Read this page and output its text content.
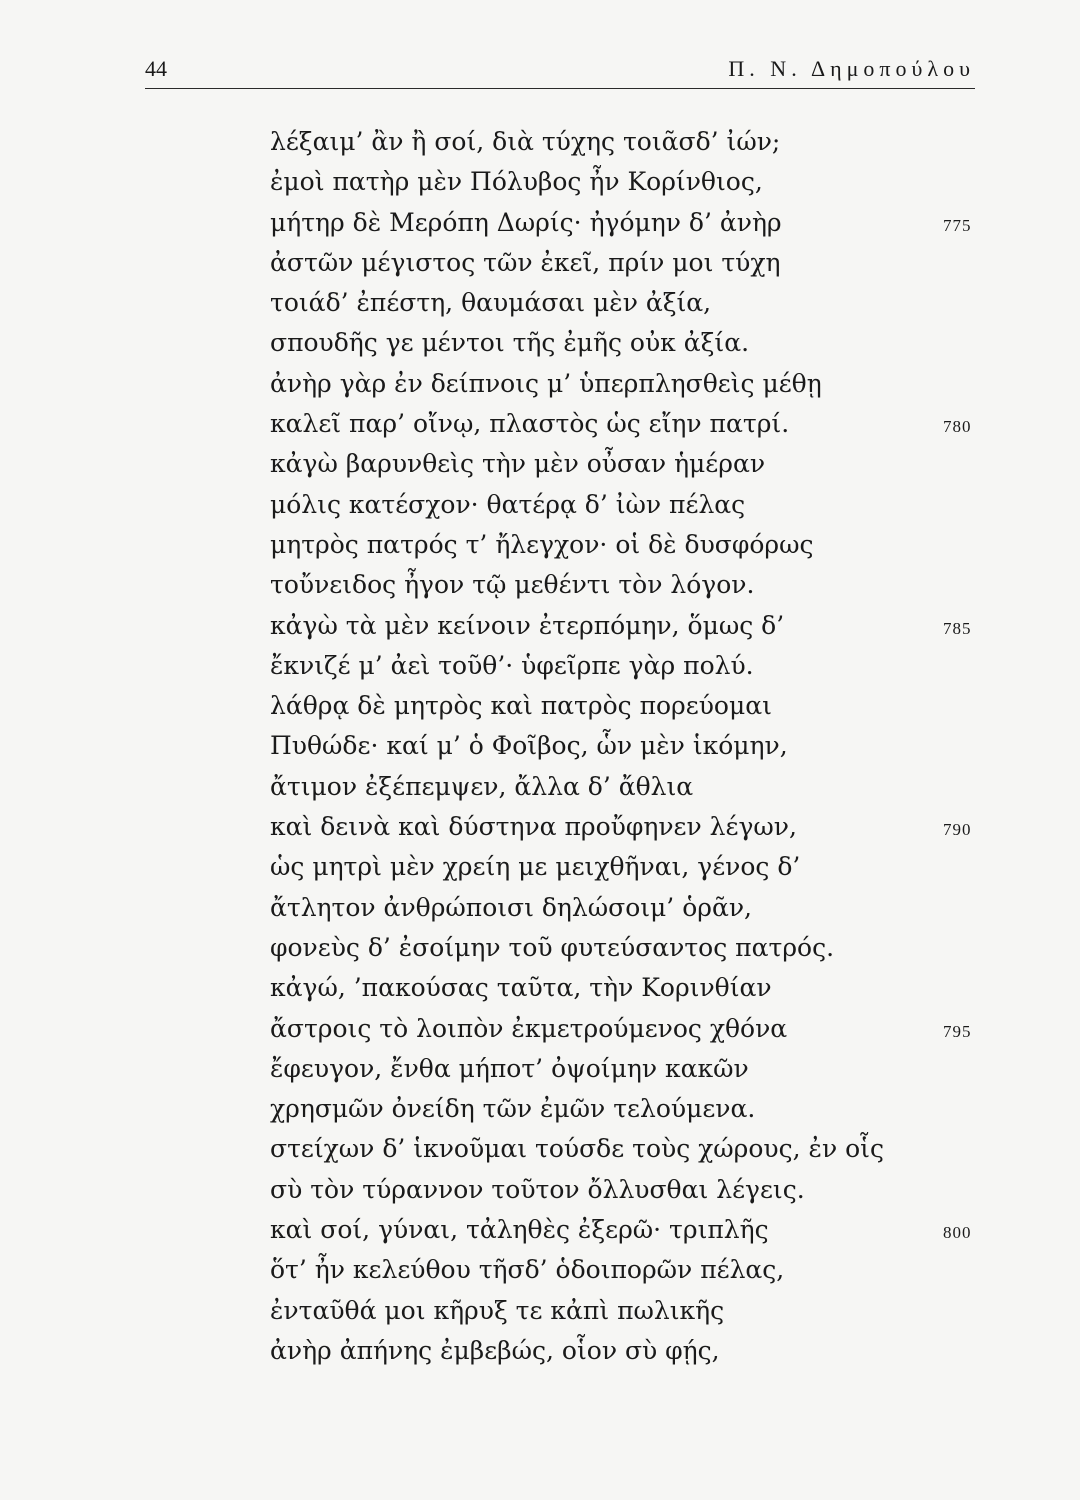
44	Π. Ν. Δημοπούλου
λέξαιμ’ ἂν ἢ σοί, διὰ τύχης τοιᾶσδ’ ἰών;
ἐμοὶ πατὴρ μὲν Πόλυβος ἦν Κορίνθιος,
μήτηρ δὲ Μερόπη Δωρίς· ἠγόμην δ’ ἀνὴρ	775
ἀστῶν μέγιστος τῶν ἐκεῖ, πρίν μοι τύχη
τοιάδ’ ἐπέστη, θαυμάσαι μὲν ἀξία,
σπουδῆς γε μέντοι τῆς ἐμῆς οὐκ ἀξία.
ἀνὴρ γὰρ ἐν δείπνοις μ’ ὑπερπλησθεὶς μέθῃ
καλεῖ παρ’ οἴνῳ, πλαστὸς ὡς εἴην πατρί.	780
κἀγὼ βαρυνθεὶς τὴν μὲν οὖσαν ἡμέραν
μόλις κατέσχον· θατέρᾳ δ’ ἰὼν πέλας
μητρὸς πατρός τ’ ἤλεγχον· οἱ δὲ δυσφόρως
τοὔνειδος ἦγον τῷ μεθέντι τὸν λόγον.
κἀγὼ τὰ μὲν κείνοιν ἐτερπόμην, ὅμως δ’	785
ἔκνιζέ μ’ ἀεὶ τοῦθ’· ὑφεῖρπε γὰρ πολύ.
λάθρᾳ δὲ μητρὸς καὶ πατρὸς πορεύομαι
Πυθώδε· καί μ’ ὁ Φοῖβος, ὧν μὲν ἱκόμην,
ἄτιμον ἐξέπεμψεν, ἄλλα δ’ ἄθλια
καὶ δεινὰ καὶ δύστηνα προὔφηνεν λέγων,	790
ὡς μητρὶ μὲν χρείη με μειχθῆναι, γένος δ’
ἄτλητον ἀνθρώποισι δηλώσοιμ’ ὁρᾶν,
φονεὺς δ’ ἐσοίμην τοῦ φυτεύσαντος πατρός.
κἀγώ, ’πακούσας ταῦτα, τὴν Κορινθίαν
ἄστροις τὸ λοιπὸν ἐκμετρούμενος χθόνα	795
ἔφευγον, ἔνθα μήποτ’ ὀψοίμην κακῶν
χρησμῶν ὀνείδη τῶν ἐμῶν τελούμενα.
στείχων δ’ ἱκνοῦμαι τούσδε τοὺς χώρους, ἐν οἷς
σὺ τὸν τύραννον τοῦτον ὄλλυσθαι λέγεις.
καὶ σοί, γύναι, τἀληθὲς ἐξερῶ· τριπλῆς	800
ὅτ’ ἦν κελεύθου τῆσδ’ ὁδοιπορῶν πέλας,
ἐνταῦθά μοι κῆρυξ τε κἀπὶ πωλικῆς
ἀνὴρ ἀπήνης ἐμβεβώς, οἷον σὺ φῄς,
